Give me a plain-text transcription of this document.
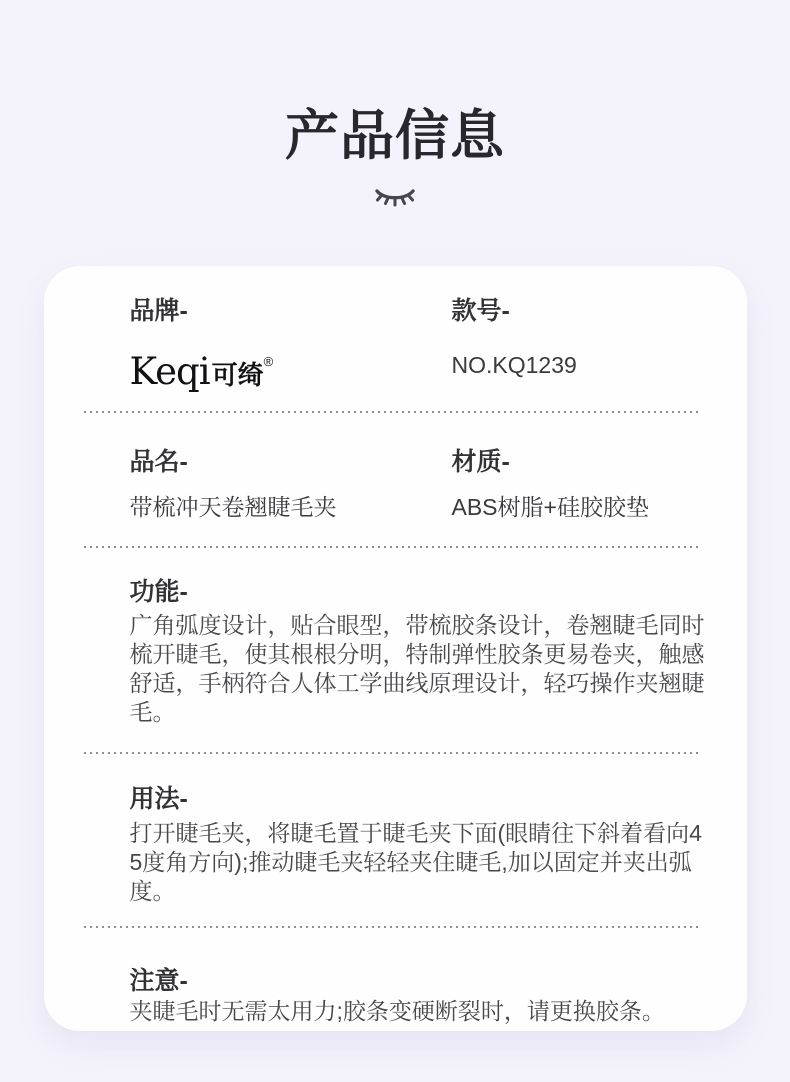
产品信息
品牌-
Keqi可绮®
款号-
NO.KQ1239
品名-
带梳冲天卷翘睫毛夹
材质-
ABS树脂+硅胶胶垫
功能-

广角弧度设计，贴合眼型，带梳胶条设计，卷翘睫毛同时梳开睫毛，使其根根分明，特制弹性胶条更易卷夹，触感舒适，手柄符合人体工学曲线原理设计，轻巧操作夹翘睫毛。

用法-

打开睫毛夹，将睫毛置于睫毛夹下面(眼睛往下斜着看向45度角方向);推动睫毛夹轻轻夹住睫毛,加以固定并夹出弧度。

注意-

夹睫毛时无需太用力;胶条变硬断裂时，请更换胶条。
